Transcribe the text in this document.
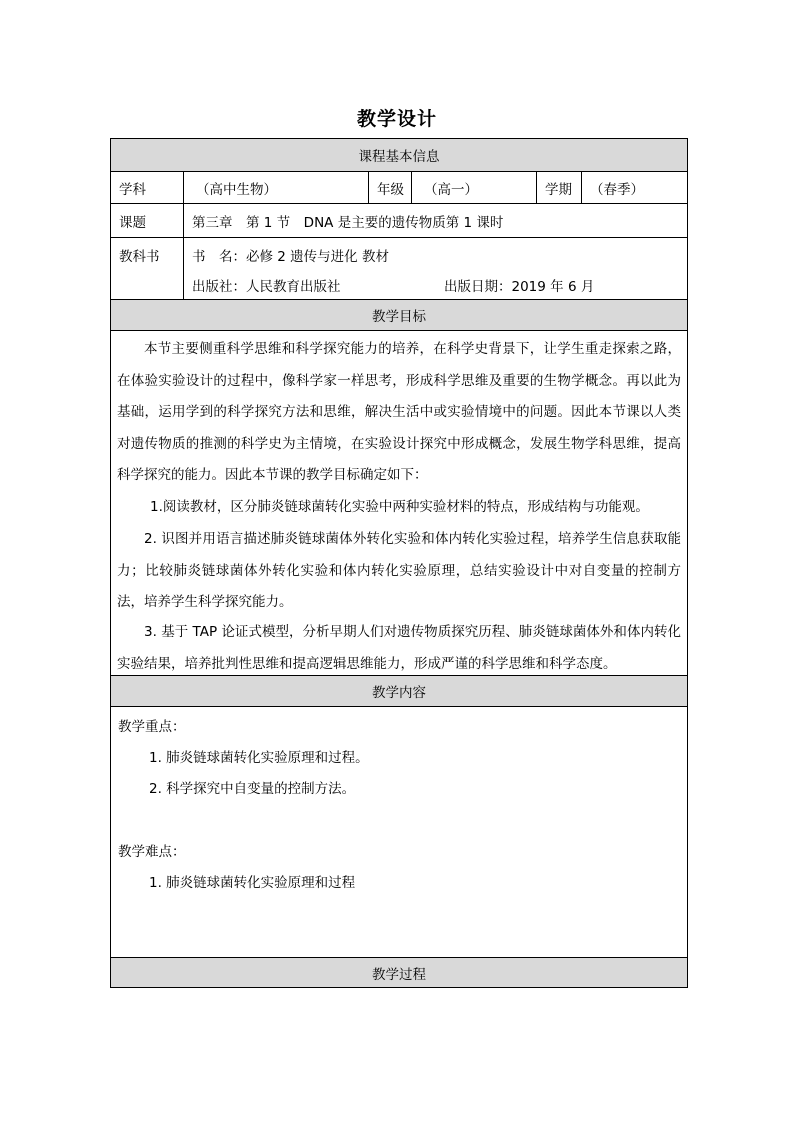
教学设计
课程基本信息
学科	（高中生物）	年级	（高一）	学期	（春季）
课题	第三章　第 1 节　DNA 是主要的遗传物质第 1 课时
教科书	书　名：必修 2 遗传与进化 教材
出版社：人民教育出版社	出版日期：2019 年 6 月
教学目标
本节主要侧重科学思维和科学探究能力的培养，在科学史背景下，让学生重走探索之路，在体验实验设计的过程中，像科学家一样思考，形成科学思维及重要的生物学概念。再以此为基础，运用学到的科学探究方法和思维，解决生活中或实验情境中的问题。因此本节课以人类对遗传物质的推测的科学史为主情境，在实验设计探究中形成概念，发展生物学科思维，提高科学探究的能力。因此本节课的教学目标确定如下：
1.阅读教材，区分肺炎链球菌转化实验中两种实验材料的特点，形成结构与功能观。
2. 识图并用语言描述肺炎链球菌体外转化实验和体内转化实验过程，培养学生信息获取能力；比较肺炎链球菌体外转化实验和体内转化实验原理，总结实验设计中对自变量的控制方法，培养学生科学探究能力。
3. 基于 TAP 论证式模型，分析早期人们对遗传物质探究历程、肺炎链球菌体外和体内转化实验结果，培养批判性思维和提高逻辑思维能力，形成严谨的科学思维和科学态度。
教学内容
教学重点：
1. 肺炎链球菌转化实验原理和过程。
2. 科学探究中自变量的控制方法。
教学难点：
1. 肺炎链球菌转化实验原理和过程
教学过程
